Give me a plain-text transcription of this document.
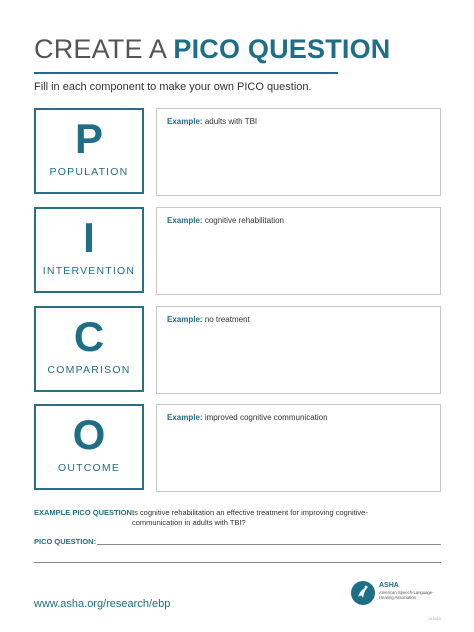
CREATE A PICO QUESTION
Fill in each component to make your own PICO question.
P
POPULATION
Example: adults with TBI
I
INTERVENTION
Example: cognitive rehabilitation
C
COMPARISON
Example: no treatment
O
OUTCOME
Example: improved cognitive communication
EXAMPLE PICO QUESTION:
Is cognitive rehabilitation an effective treatment for improving cognitive-communication in adults with TBI?
PICO QUESTION:
www.asha.org/research/ebp
ASHA
American Speech-Language-Hearing Association
14-0113
